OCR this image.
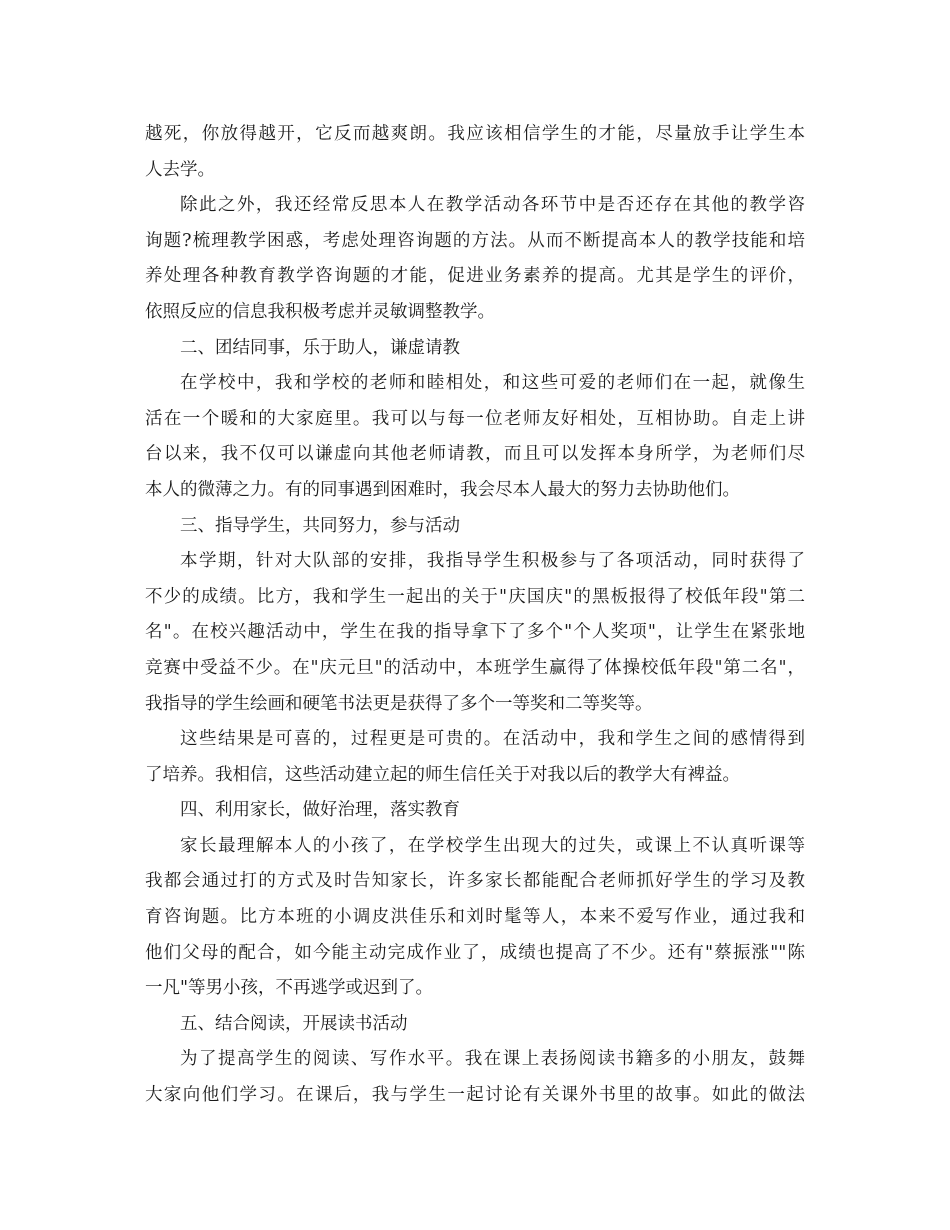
越死，你放得越开，它反而越爽朗。我应该相信学生的才能，尽量放手让学生本
人去学。
除此之外，我还经常反思本人在教学活动各环节中是否还存在其他的教学咨
询题?梳理教学困惑，考虑处理咨询题的方法。从而不断提高本人的教学技能和培
养处理各种教育教学咨询题的才能，促进业务素养的提高。尤其是学生的评价，
依照反应的信息我积极考虑并灵敏调整教学。
二、团结同事，乐于助人，谦虚请教
在学校中，我和学校的老师和睦相处，和这些可爱的老师们在一起，就像生
活在一个暖和的大家庭里。我可以与每一位老师友好相处，互相协助。自走上讲
台以来，我不仅可以谦虚向其他老师请教，而且可以发挥本身所学，为老师们尽
本人的微薄之力。有的同事遇到困难时，我会尽本人最大的努力去协助他们。
三、指导学生，共同努力，参与活动
本学期，针对大队部的安排，我指导学生积极参与了各项活动，同时获得了
不少的成绩。比方，我和学生一起出的关于"庆国庆"的黑板报得了校低年段"第二
名"。在校兴趣活动中，学生在我的指导拿下了多个"个人奖项"，让学生在紧张地
竞赛中受益不少。在"庆元旦"的活动中，本班学生赢得了体操校低年段"第二名"，
我指导的学生绘画和硬笔书法更是获得了多个一等奖和二等奖等。
这些结果是可喜的，过程更是可贵的。在活动中，我和学生之间的感情得到
了培养。我相信，这些活动建立起的师生信任关于对我以后的教学大有裨益。
四、利用家长，做好治理，落实教育
家长最理解本人的小孩了，在学校学生出现大的过失，或课上不认真听课等
我都会通过打的方式及时告知家长，许多家长都能配合老师抓好学生的学习及教
育咨询题。比方本班的小调皮洪佳乐和刘时髦等人，本来不爱写作业，通过我和
他们父母的配合，如今能主动完成作业了，成绩也提高了不少。还有"蔡振涨""陈
一凡"等男小孩，不再逃学或迟到了。
五、结合阅读，开展读书活动
为了提高学生的阅读、写作水平。我在课上表扬阅读书籍多的小朋友，鼓舞
大家向他们学习。在课后，我与学生一起讨论有关课外书里的故事。如此的做法
